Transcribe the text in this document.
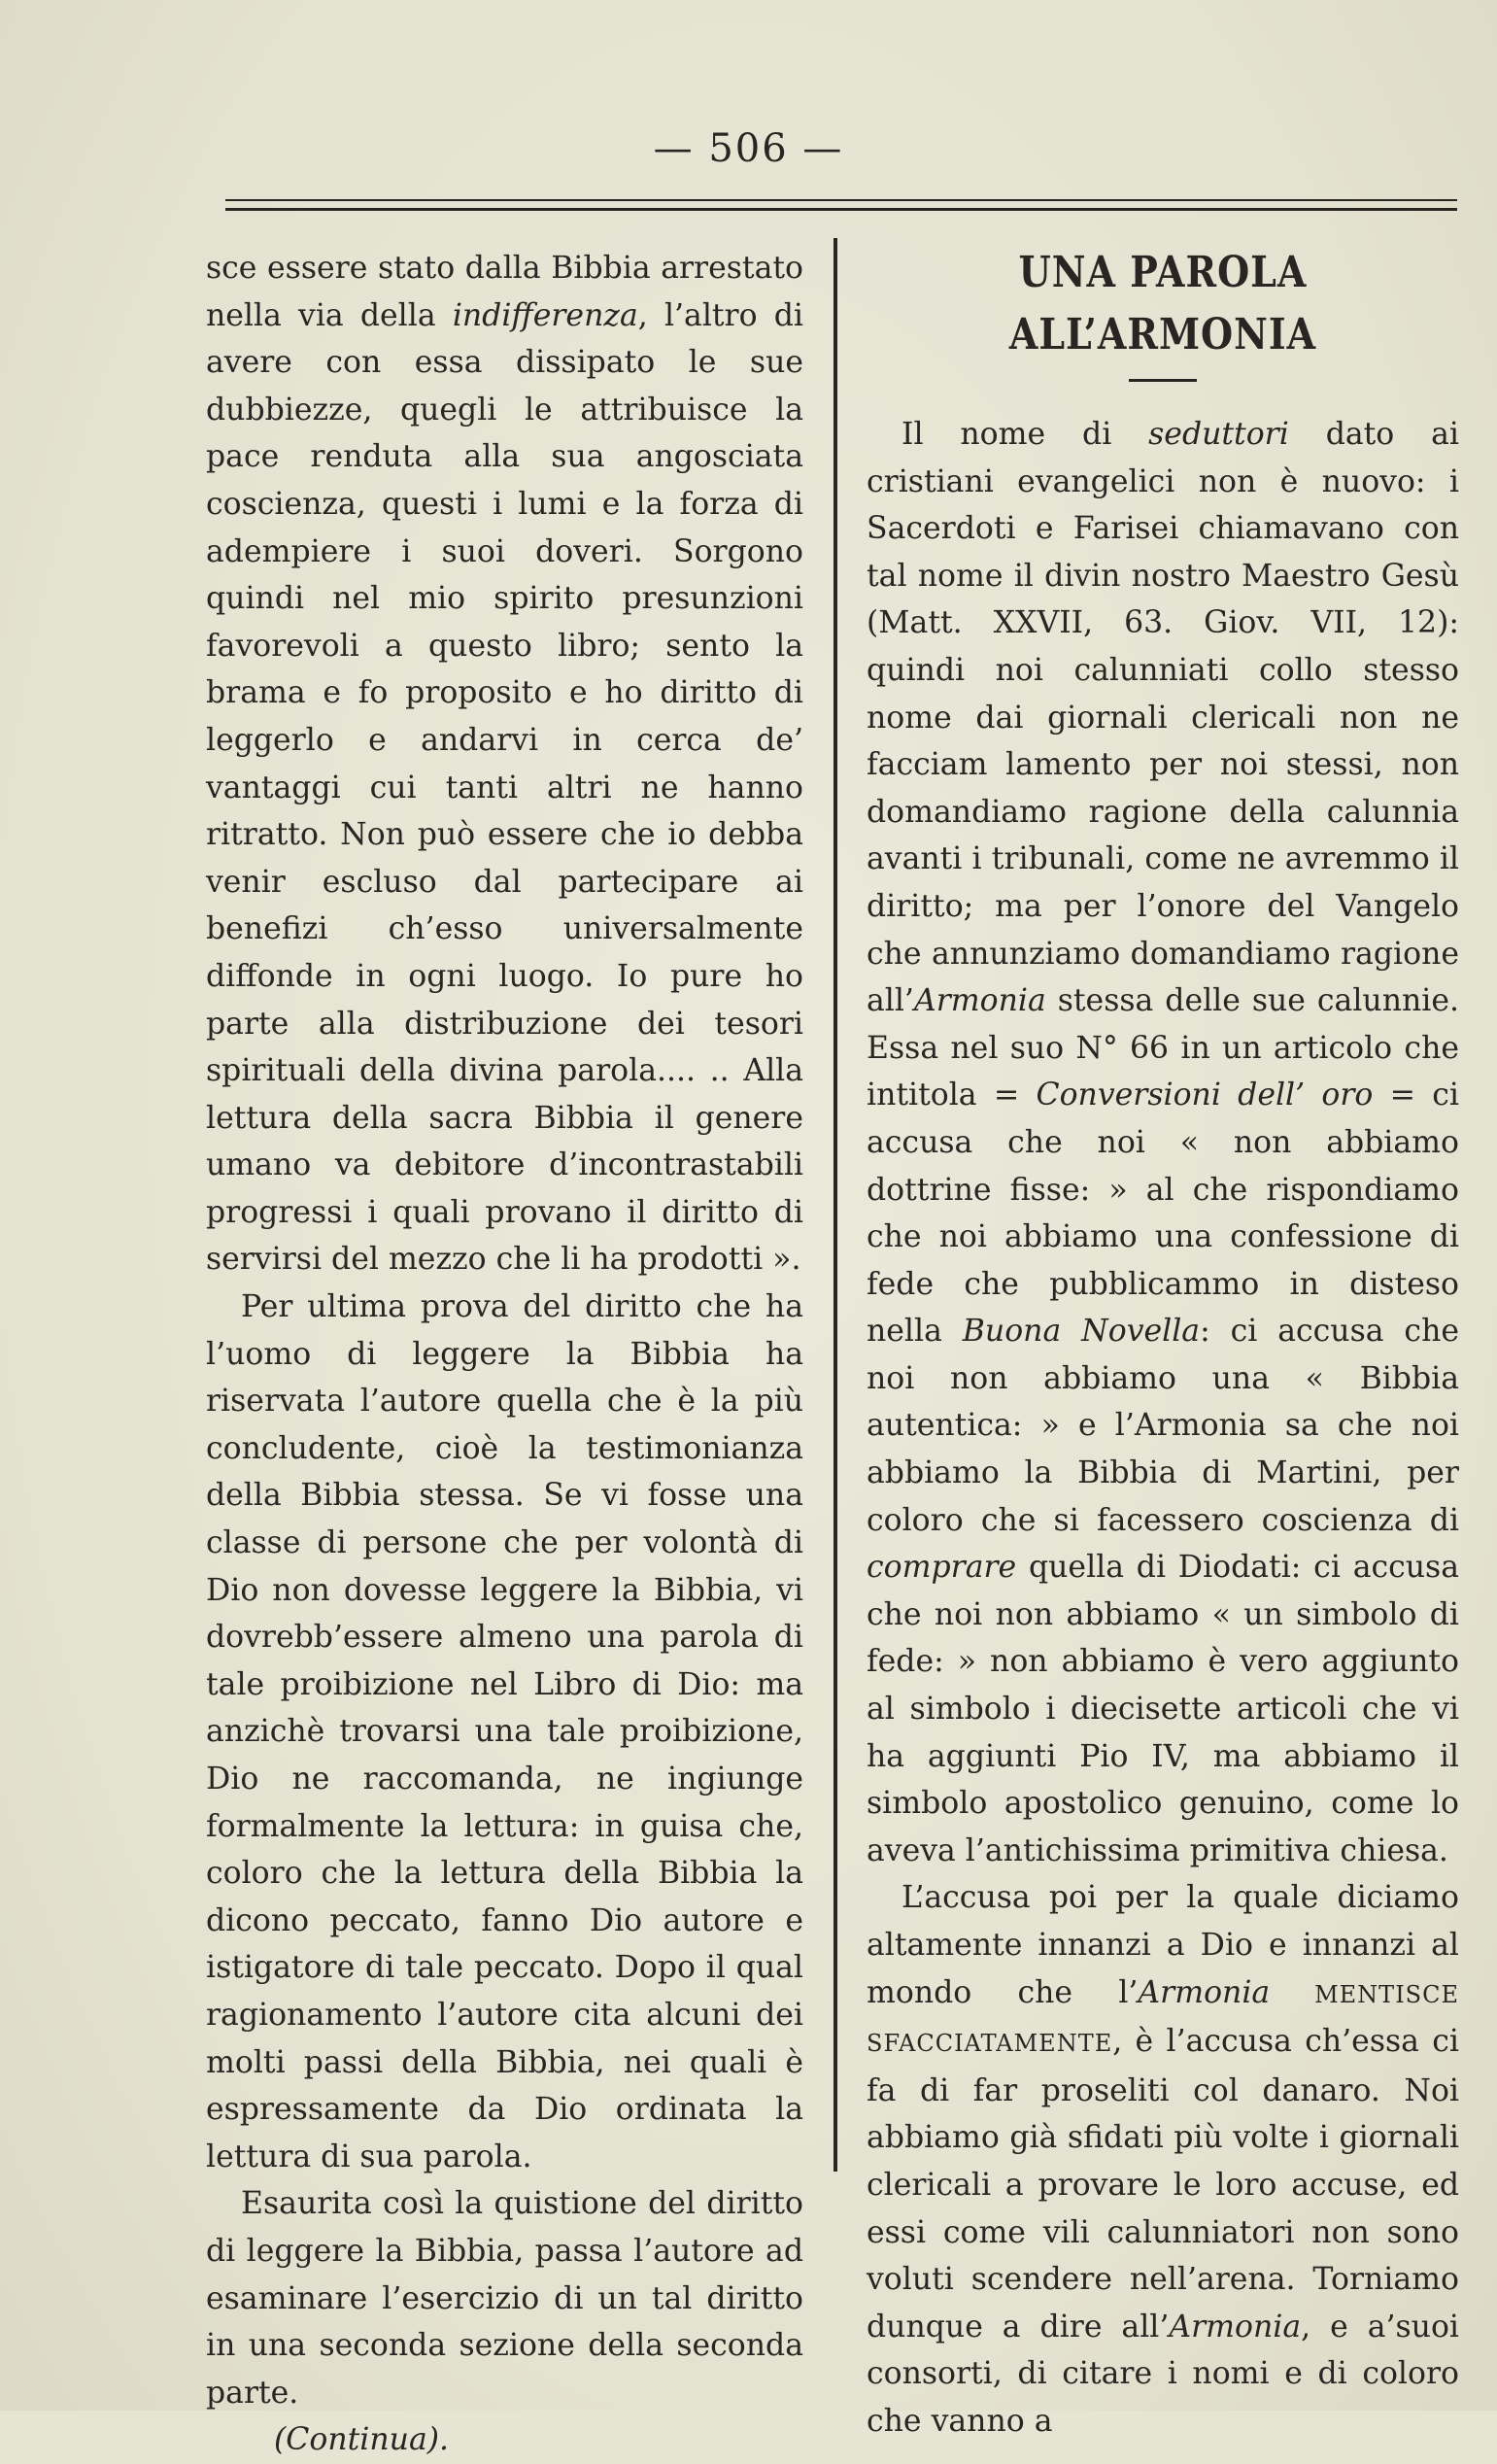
— 506 —

sce essere stato dalla Bibbia arrestato nella via della indifferenza, l’altro di avere con essa dissipato le sue dubbiezze, quegli le attribuisce la pace renduta alla sua angosciata coscienza, questi i lumi e la forza di adempiere i suoi doveri. Sorgono quindi nel mio spirito presunzioni favorevoli a questo libro; sento la brama e fo proposito e ho diritto di leggerlo e andarvi in cerca de’ vantaggi cui tanti altri ne hanno ritratto. Non può essere che io debba venir escluso dal partecipare ai benefizi ch’esso universalmente diffonde in ogni luogo. Io pure ho parte alla distribuzione dei tesori spirituali della divina parola.... .. Alla lettura della sacra Bibbia il genere umano va debitore d’incontrastabili progressi i quali provano il diritto di servirsi del mezzo che li ha prodotti ».

Per ultima prova del diritto che ha l’uomo di leggere la Bibbia ha riservata l’autore quella che è la più concludente, cioè la testimonianza della Bibbia stessa. Se vi fosse una classe di persone che per volontà di Dio non dovesse leggere la Bibbia, vi dovrebb’essere almeno una parola di tale proibizione nel Libro di Dio: ma anzichè trovarsi una tale proibizione, Dio ne raccomanda, ne ingiunge formalmente la lettura: in guisa che, coloro che la lettura della Bibbia la dicono peccato, fanno Dio autore e istigatore di tale peccato. Dopo il qual ragionamento l’autore cita alcuni dei molti passi della Bibbia, nei quali è espressamente da Dio ordinata la lettura di sua parola.

Esaurita così la quistione del diritto di leggere la Bibbia, passa l’autore ad esaminare l’esercizio di un tal diritto in una seconda sezione della seconda parte.

(Continua).

UNA PAROLA ALL’ARMONIA

Il nome di seduttori dato ai cristiani evangelici non è nuovo: i Sacerdoti e Farisei chiamavano con tal nome il divin nostro Maestro Gesù (Matt. XXVII, 63. Giov. VII, 12): quindi noi calunniati collo stesso nome dai giornali clericali non ne facciam lamento per noi stessi, non domandiamo ragione della calunnia avanti i tribunali, come ne avremmo il diritto; ma per l’onore del Vangelo che annunziamo domandiamo ragione all’Armonia stessa delle sue calunnie. Essa nel suo N° 66 in un articolo che intitola = Conversioni dell’ oro = ci accusa che noi « non abbiamo dottrine fisse: » al che rispondiamo che noi abbiamo una confessione di fede che pubblicammo in disteso nella Buona Novella: ci accusa che noi non abbiamo una « Bibbia autentica: » e l’Armonia sa che noi abbiamo la Bibbia di Martini, per coloro che si facessero coscienza di comprare quella di Diodati: ci accusa che noi non abbiamo « un simbolo di fede: » non abbiamo è vero aggiunto al simbolo i diecisette articoli che vi ha aggiunti Pio IV, ma abbiamo il simbolo apostolico genuino, come lo aveva l’antichissima primitiva chiesa.

L’accusa poi per la quale diciamo altamente innanzi a Dio e innanzi al mondo che l’Armonia MENTISCE SFACCIATAMENTE, è l’accusa ch’essa ci fa di far proseliti col danaro. Noi abbiamo già sfidati più volte i giornali clericali a provare le loro accuse, ed essi come vili calunniatori non sono voluti scendere nell’arena. Torniamo dunque a dire all’Armonia, e a’suoi consorti, di citare i nomi e di coloro che vanno a
